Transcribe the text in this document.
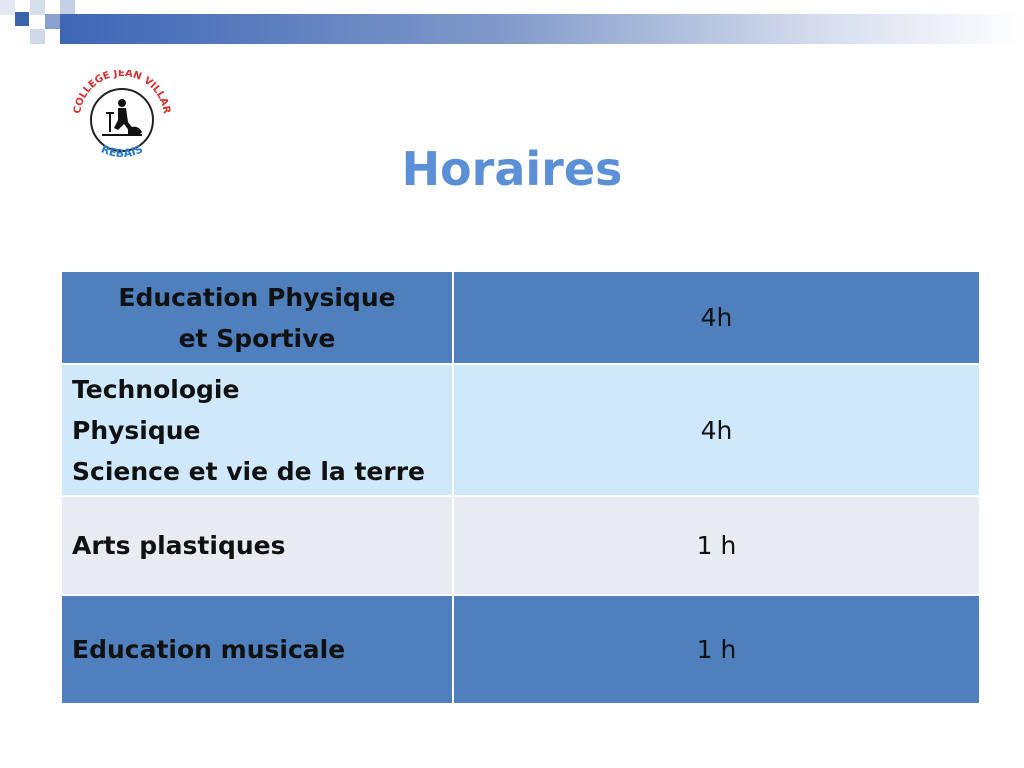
COLLEGE JEAN VILLAR
REBAIS	Horaires
Education Physique
et Sportive	4h

Technologie
Physique
Science et vie de la terre	4h

Arts plastiques	1 h

Education musicale	1 h
